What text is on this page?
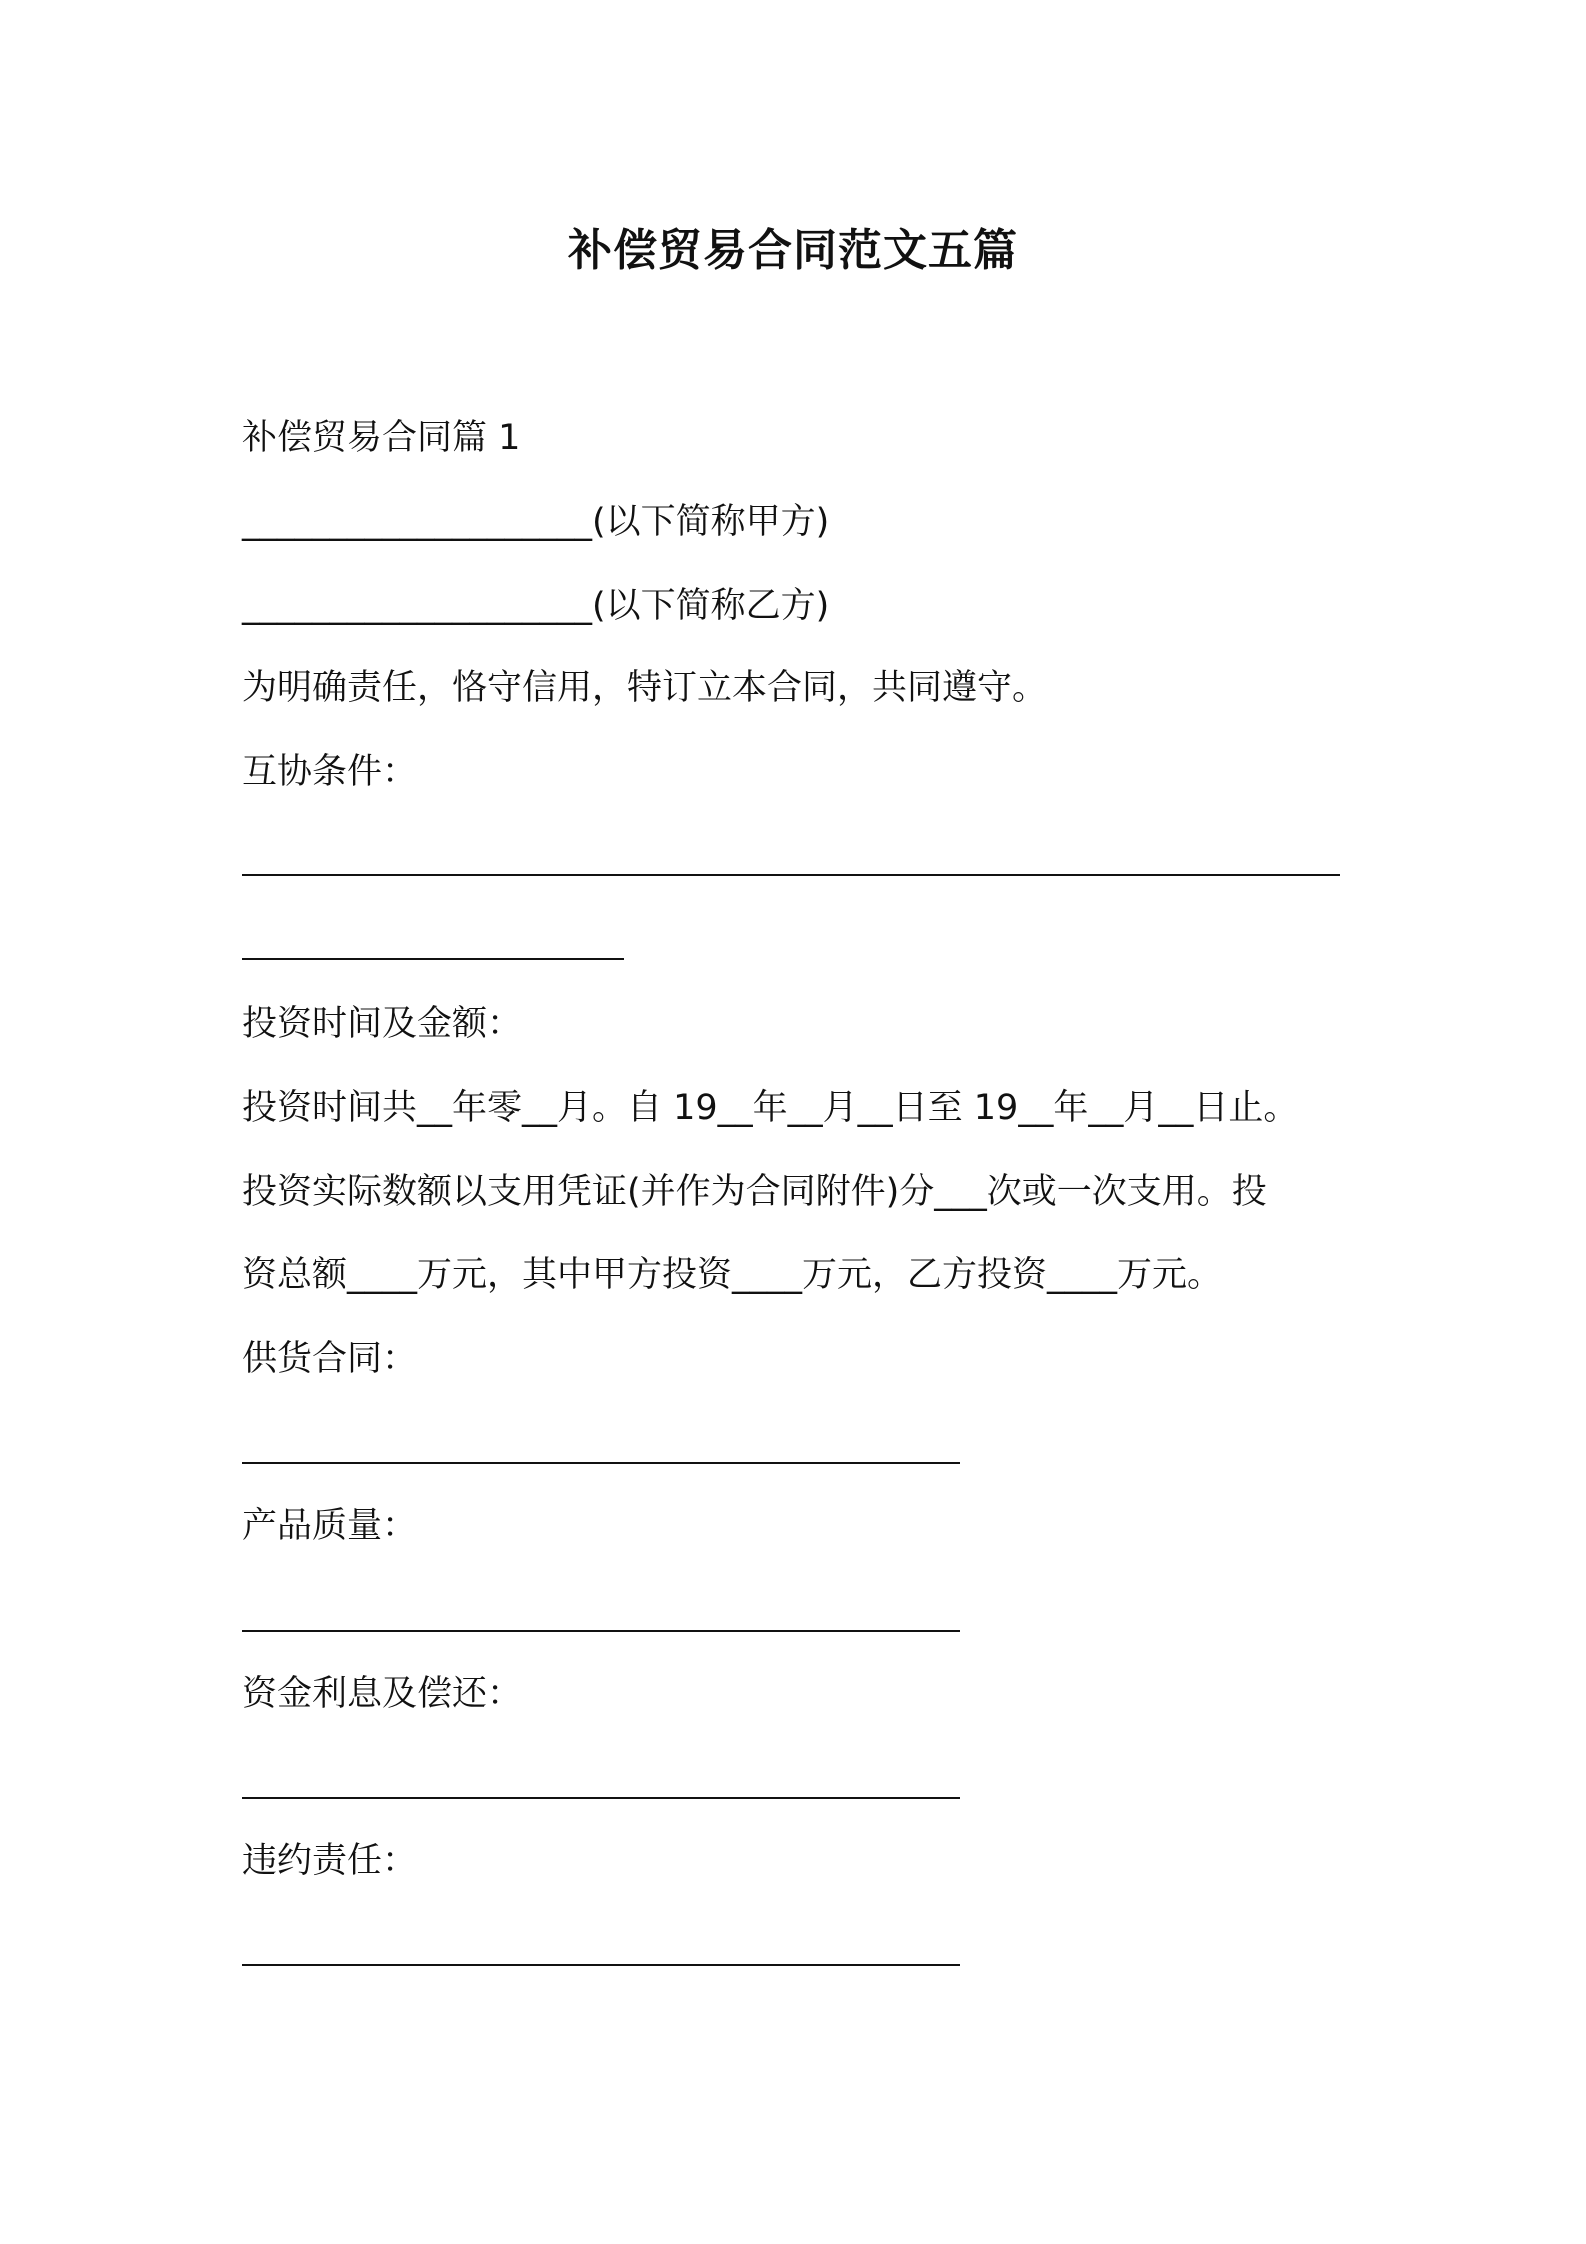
补偿贸易合同范文五篇
补偿贸易合同篇 1
____________________(以下简称甲方)
____________________(以下简称乙方)
为明确责任，恪守信用，特订立本合同，共同遵守。
互协条件：
投资时间及金额：
投资时间共__年零__月。自 19__年__月__日至 19__年__月__日止。
投资实际数额以支用凭证(并作为合同附件)分___次或一次支用。投
资总额____万元，其中甲方投资____万元，乙方投资____万元。
供货合同：
产品质量：
资金利息及偿还：
违约责任：
